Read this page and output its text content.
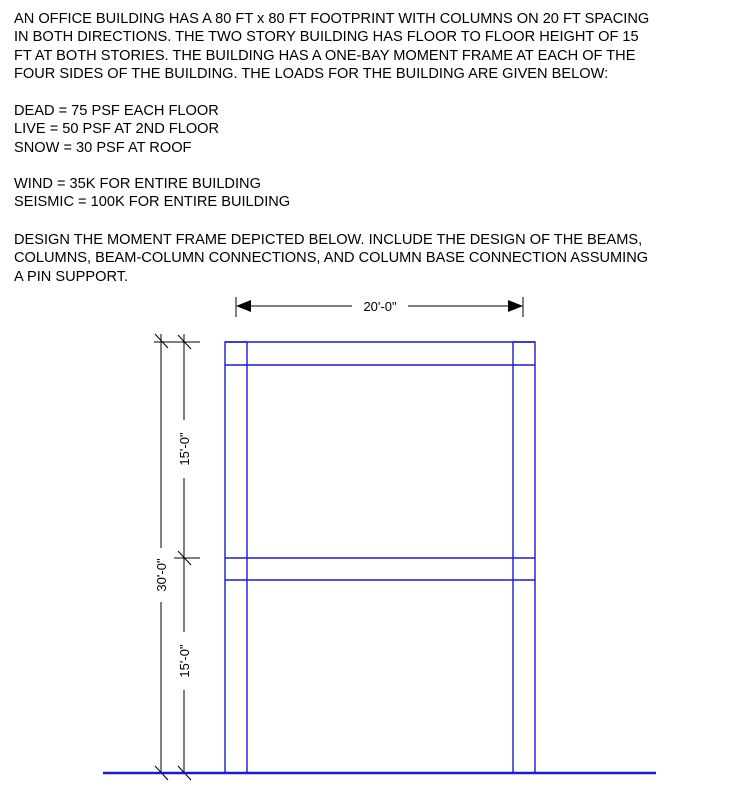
AN OFFICE BUILDING HAS A 80 FT x 80 FT FOOTPRINT WITH COLUMNS ON 20 FT SPACING
IN BOTH DIRECTIONS. THE TWO STORY BUILDING HAS FLOOR TO FLOOR HEIGHT OF 15
FT AT BOTH STORIES. THE BUILDING HAS A ONE-BAY MOMENT FRAME AT EACH OF THE
FOUR SIDES OF THE BUILDING. THE LOADS FOR THE BUILDING ARE GIVEN BELOW:
DEAD = 75 PSF EACH FLOOR
LIVE = 50 PSF AT 2ND FLOOR
SNOW = 30 PSF AT ROOF
WIND = 35K FOR ENTIRE BUILDING
SEISMIC = 100K FOR ENTIRE BUILDING
DESIGN THE MOMENT FRAME DEPICTED BELOW. INCLUDE THE DESIGN OF THE BEAMS,
COLUMNS, BEAM-COLUMN CONNECTIONS, AND COLUMN BASE CONNECTION ASSUMING
A PIN SUPPORT.
20'-0"
30'-0"
15'-0"
15'-0"
